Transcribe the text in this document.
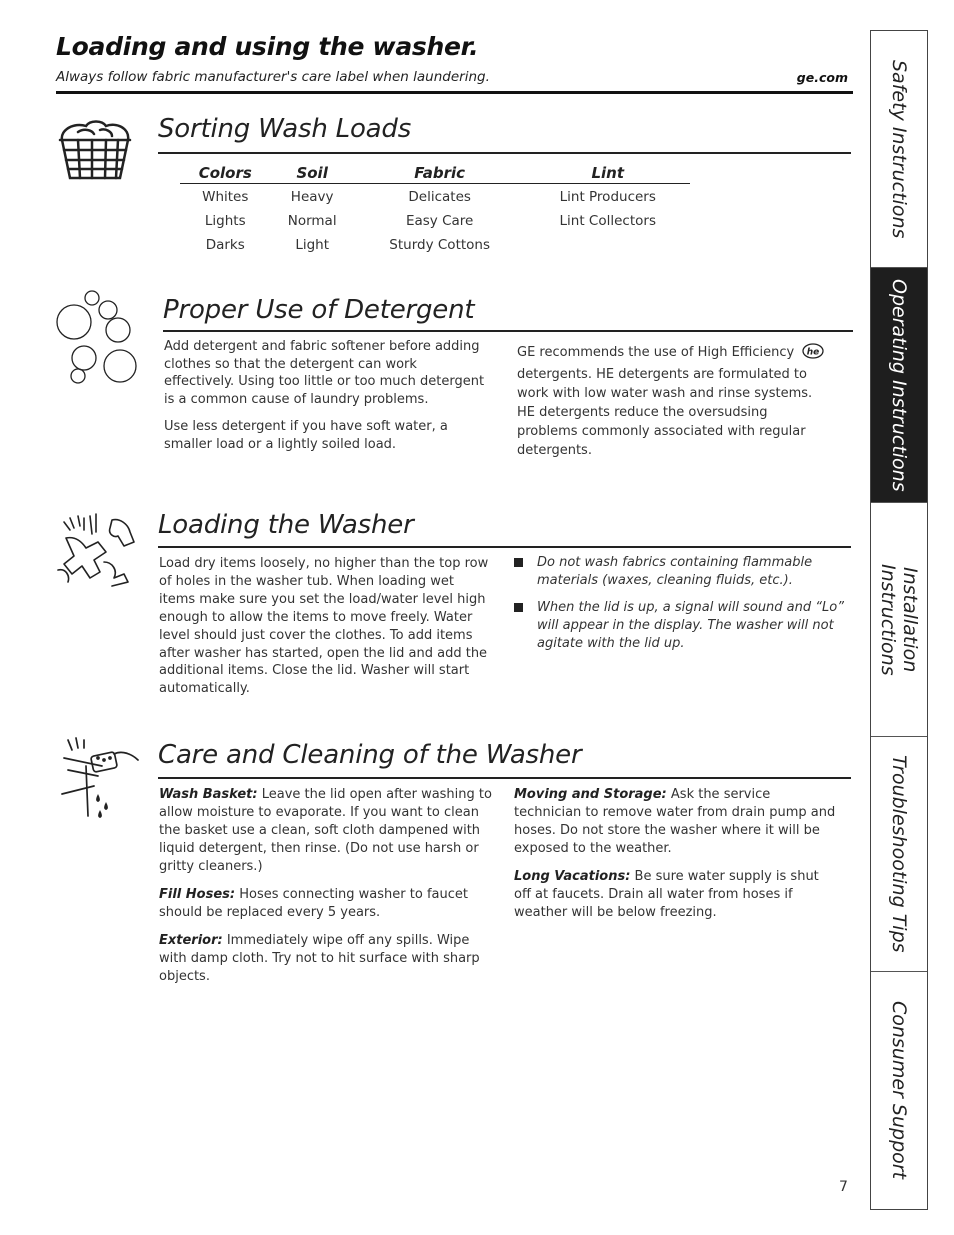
Loading and using the washer.
Always follow fabric manufacturer's care label when laundering.	ge.com
Sorting Wash Loads
Colors	Soil	Fabric	Lint
Whites	Heavy	Delicates	Lint Producers
Lights	Normal	Easy Care	Lint Collectors
Darks	Light	Sturdy Cottons	
Proper Use of Detergent

Add detergent and fabric softener before adding clothes so that the detergent can work effectively. Using too little or too much detergent is a common cause of laundry problems.

Use less detergent if you have soft water, a smaller load or a lightly soiled load.

GE recommends the use of High Efficiency he
detergents. HE detergents are formulated to work with low water wash and rinse systems. HE detergents reduce the oversudsing problems commonly associated with regular detergents.
Loading the Washer

Load dry items loosely, no higher than the top row of holes in the washer tub. When loading wet items make sure you set the load/water level high enough to allow the items to move freely. Water level should just cover the clothes. To add items after washer has started, open the lid and add the additional items. Close the lid. Washer will start automatically.

Do not wash fabrics containing flammable materials (waxes, cleaning fluids, etc.).
When the lid is up, a signal will sound and “Lo” will appear in the display. The washer will not agitate with the lid up.
Care and Cleaning of the Washer

Wash Basket: Leave the lid open after washing to allow moisture to evaporate. If you want to clean the basket use a clean, soft cloth dampened with liquid detergent, then rinse. (Do not use harsh or gritty cleaners.)

Fill Hoses: Hoses connecting washer to faucet should be replaced every 5 years.

Exterior: Immediately wipe off any spills. Wipe with damp cloth. Try not to hit surface with sharp objects.

Moving and Storage: Ask the service technician to remove water from drain pump and hoses. Do not store the washer where it will be exposed to the weather.

Long Vacations: Be sure water supply is shut off at faucets. Drain all water from hoses if weather will be below freezing.

Safety Instructions
Operating Instructions
Installation
Instructions
Troubleshooting Tips
Consumer Support
7
